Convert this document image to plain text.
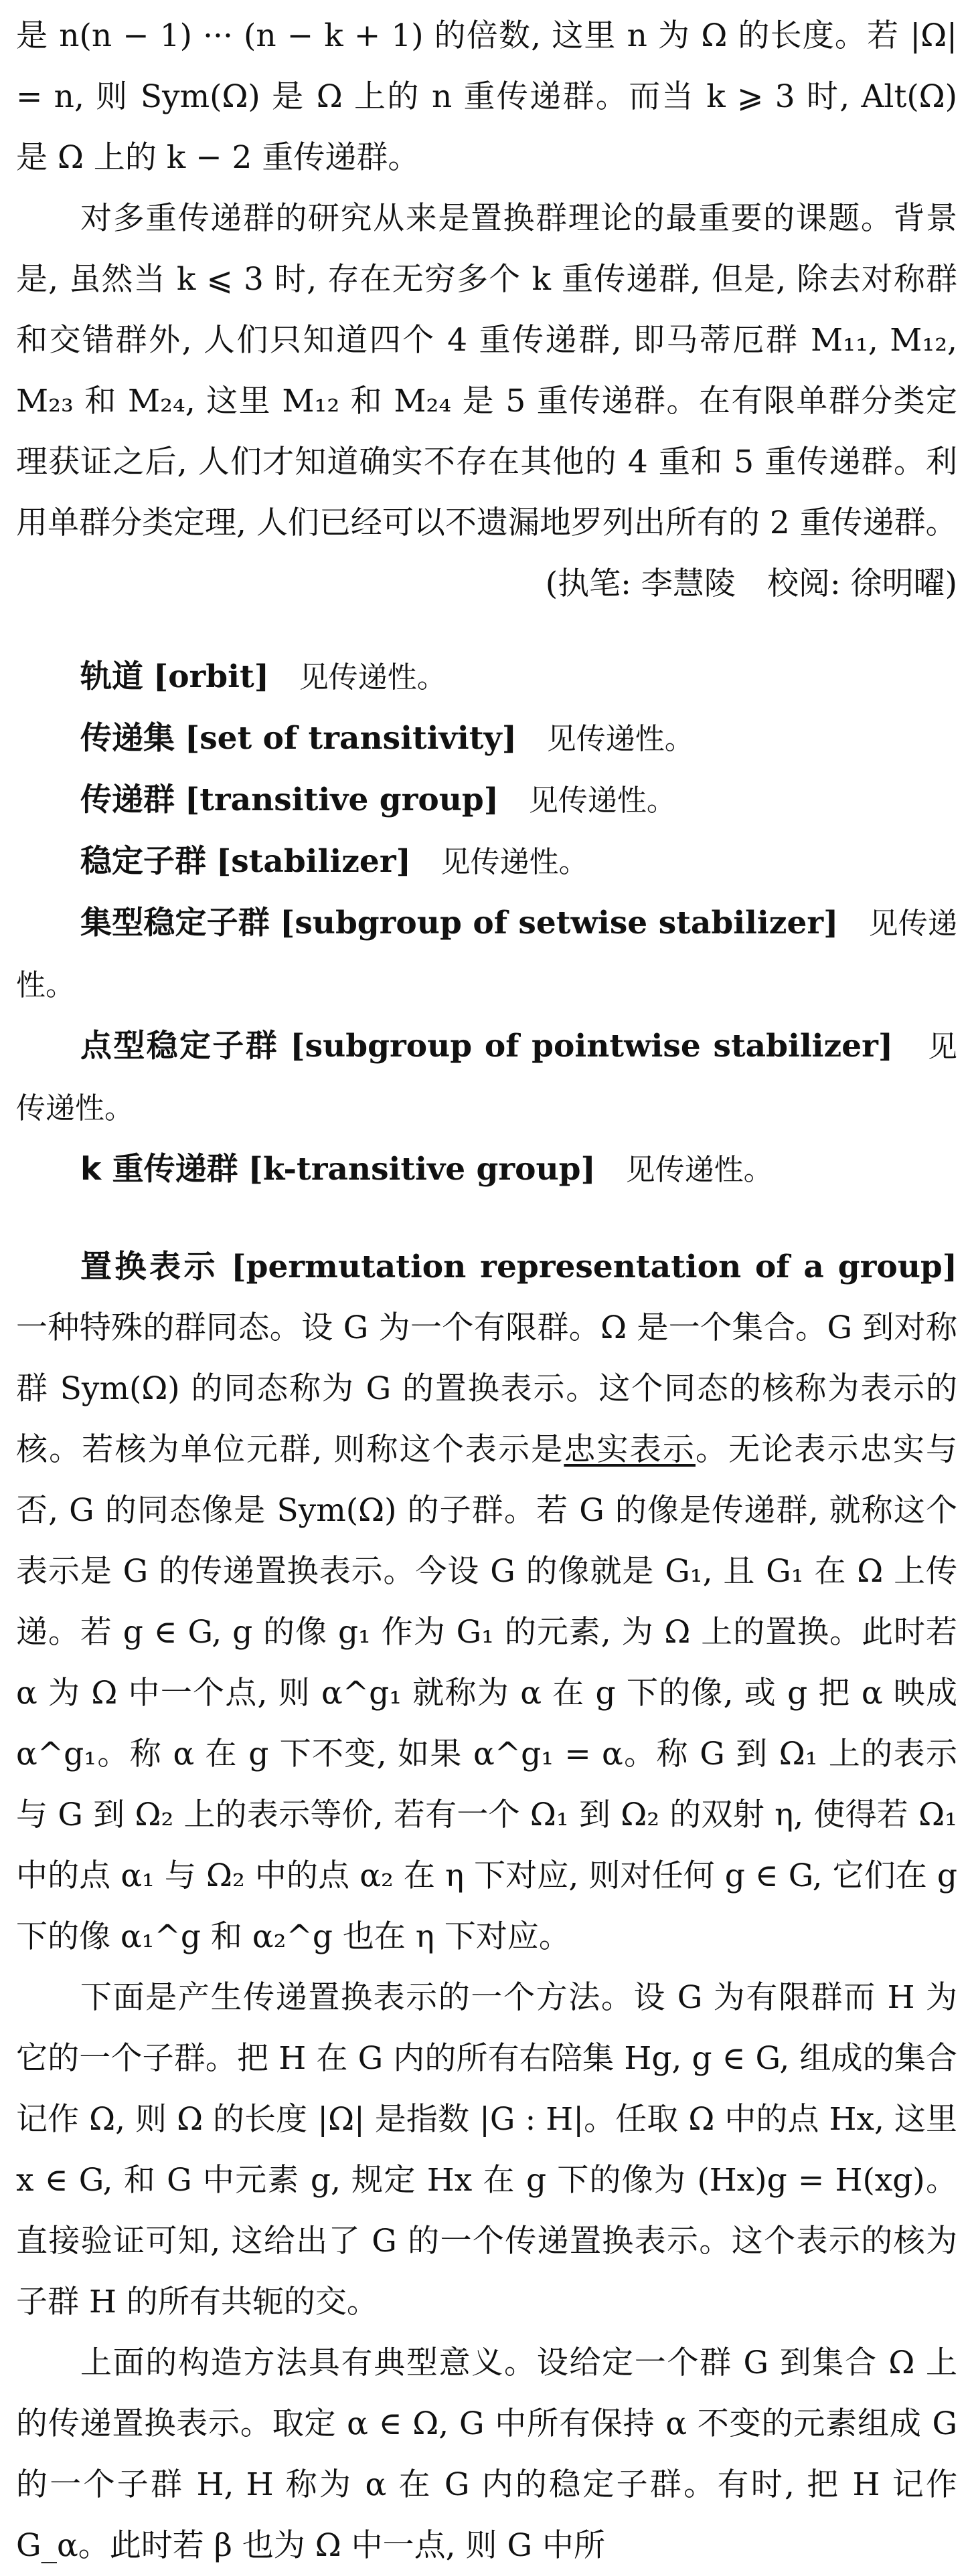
是 n(n − 1) ··· (n − k + 1) 的倍数, 这里 n 为 Ω 的长度。若 |Ω| = n, 则 Sym(Ω) 是 Ω 上的 n 重传递群。而当 k ⩾ 3 时, Alt(Ω) 是 Ω 上的 k − 2 重传递群。

对多重传递群的研究从来是置换群理论的最重要的课题。背景是, 虽然当 k ⩽ 3 时, 存在无穷多个 k 重传递群, 但是, 除去对称群和交错群外, 人们只知道四个 4 重传递群, 即马蒂厄群 M₁₁, M₁₂, M₂₃ 和 M₂₄, 这里 M₁₂ 和 M₂₄ 是 5 重传递群。在有限单群分类定理获证之后, 人们才知道确实不存在其他的 4 重和 5 重传递群。利用单群分类定理, 人们已经可以不遗漏地罗列出所有的 2 重传递群。

(执笔: 李慧陵　校阅: 徐明曜)

轨道 [orbit] 见传递性。

传递集 [set of transitivity] 见传递性。

传递群 [transitive group] 见传递性。

稳定子群 [stabilizer] 见传递性。

集型稳定子群 [subgroup of setwise stabilizer] 见传递性。

点型稳定子群 [subgroup of pointwise stabilizer] 见传递性。

k 重传递群 [k-transitive group] 见传递性。

置换表示 [permutation representation of a group]一种特殊的群同态。设 G 为一个有限群。Ω 是一个集合。G 到对称群 Sym(Ω) 的同态称为 G 的置换表示。这个同态的核称为表示的核。若核为单位元群, 则称这个表示是忠实表示。无论表示忠实与否, G 的同态像是 Sym(Ω) 的子群。若 G 的像是传递群, 就称这个表示是 G 的传递置换表示。今设 G 的像就是 G₁, 且 G₁ 在 Ω 上传递。若 g ∈ G, g 的像 g₁ 作为 G₁ 的元素, 为 Ω 上的置换。此时若 α 为 Ω 中一个点, 则 α^g₁ 就称为 α 在 g 下的像, 或 g 把 α 映成 α^g₁。称 α 在 g 下不变, 如果 α^g₁ = α。称 G 到 Ω₁ 上的表示与 G 到 Ω₂ 上的表示等价, 若有一个 Ω₁ 到 Ω₂ 的双射 η, 使得若 Ω₁ 中的点 α₁ 与 Ω₂ 中的点 α₂ 在 η 下对应, 则对任何 g ∈ G, 它们在 g 下的像 α₁^g 和 α₂^g 也在 η 下对应。

下面是产生传递置换表示的一个方法。设 G 为有限群而 H 为它的一个子群。把 H 在 G 内的所有右陪集 Hg, g ∈ G, 组成的集合记作 Ω, 则 Ω 的长度 |Ω| 是指数 |G : H|。任取 Ω 中的点 Hx, 这里 x ∈ G, 和 G 中元素 g, 规定 Hx 在 g 下的像为 (Hx)g = H(xg)。直接验证可知, 这给出了 G 的一个传递置换表示。这个表示的核为子群 H 的所有共轭的交。

上面的构造方法具有典型意义。设给定一个群 G 到集合 Ω 上的传递置换表示。取定 α ∈ Ω, G 中所有保持 α 不变的元素组成 G 的一个子群 H, H 称为 α 在 G 内的稳定子群。有时, 把 H 记作 G_α。此时若 β 也为 Ω 中一点, 则 G 中所
